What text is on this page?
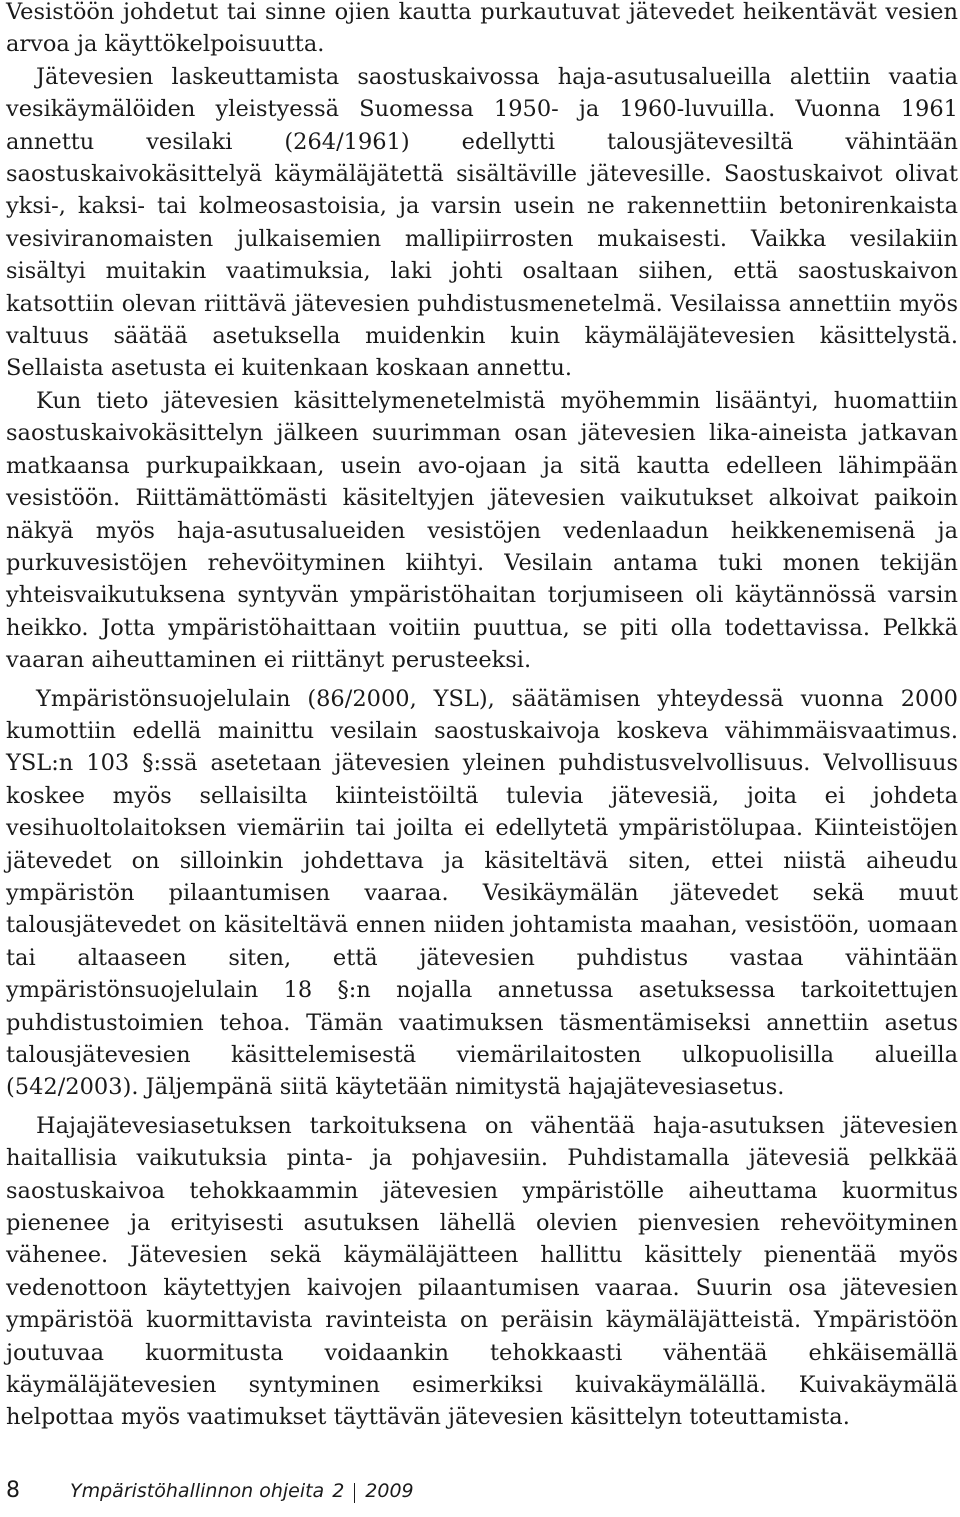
Vesistöön johdetut tai sinne ojien kautta purkautuvat jätevedet heikentävät vesien arvoa ja käyttökelpoisuutta.

Jätevesien laskeuttamista saostuskaivossa haja-asutusalueilla alettiin vaatia vesikäymälöiden yleistyessä Suomessa 1950- ja 1960-luvuilla. Vuonna 1961 annettu vesilaki (264/1961) edellytti talousjätevesiltä vähintään saostuskaivokäsittelyä käymäläjätettä sisältäville jätevesille. Saostuskaivot olivat yksi-, kaksi- tai kolmeosastoisia, ja varsin usein ne rakennettiin betonirenkaista vesiviranomaisten julkaisemien mallipiirrosten mukaisesti. Vaikka vesilakiin sisältyi muitakin vaatimuksia, laki johti osaltaan siihen, että saostuskaivon katsottiin olevan riittävä jätevesien puhdistusmenetelmä. Vesilaissa annettiin myös valtuus säätää asetuksella muidenkin kuin käymäläjätevesien käsittelystä. Sellaista asetusta ei kuitenkaan koskaan annettu.

Kun tieto jätevesien käsittelymenetelmistä myöhemmin lisääntyi, huomattiin saostuskaivokäsittelyn jälkeen suurimman osan jätevesien lika-aineista jatkavan matkaansa purkupaikkaan, usein avo-ojaan ja sitä kautta edelleen lähimpään vesistöön. Riittämättömästi käsiteltyjen jätevesien vaikutukset alkoivat paikoin näkyä myös haja-asutusalueiden vesistöjen vedenlaadun heikkenemisenä ja purkuvesistöjen rehevöityminen kiihtyi. Vesilain antama tuki monen tekijän yhteisvaikutuksena syntyvän ympäristöhaitan torjumiseen oli käytännössä varsin heikko. Jotta ympäristöhaittaan voitiin puuttua, se piti olla todettavissa. Pelkkä vaaran aiheuttaminen ei riittänyt perusteeksi.

Ympäristönsuojelulain (86/2000, YSL), säätämisen yhteydessä vuonna 2000 kumottiin edellä mainittu vesilain saostuskaivoja koskeva vähimmäisvaatimus. YSL:n 103 §:ssä asetetaan jätevesien yleinen puhdistusvelvollisuus. Velvollisuus koskee myös sellaisilta kiinteistöiltä tulevia jätevesiä, joita ei johdeta vesihuoltolaitoksen viemäriin tai joilta ei edellytetä ympäristölupaa. Kiinteistöjen jätevedet on silloinkin johdettava ja käsiteltävä siten, ettei niistä aiheudu ympäristön pilaantumisen vaaraa. Vesikäymälän jätevedet sekä muut talousjätevedet on käsiteltävä ennen niiden johtamista maahan, vesistöön, uomaan tai altaaseen siten, että jätevesien puhdistus vastaa vähintään ympäristönsuojelulain 18 §:n nojalla annetussa asetuksessa tarkoitettujen puhdistustoimien tehoa. Tämän vaatimuksen täsmentämiseksi annettiin asetus talousjätevesien käsittelemisestä viemärilaitosten ulkopuolisilla alueilla (542/2003). Jäljempänä siitä käytetään nimitystä hajajätevesiasetus.

Hajajätevesiasetuksen tarkoituksena on vähentää haja-asutuksen jätevesien haitallisia vaikutuksia pinta- ja pohjavesiin. Puhdistamalla jätevesiä pelkkää saostuskaivoa tehokkaammin jätevesien ympäristölle aiheuttama kuormitus pienenee ja erityisesti asutuksen lähellä olevien pienvesien rehevöityminen vähenee. Jätevesien sekä käymäläjätteen hallittu käsittely pienentää myös vedenottoon käytettyjen kaivojen pilaantumisen vaaraa. Suurin osa jätevesien ympäristöä kuormittavista ravinteista on peräisin käymäläjätteistä. Ympäristöön joutuvaa kuormitusta voidaankin tehokkaasti vähentää ehkäisemällä käymäläjätevesien syntyminen esimerkiksi kuivakäymälällä. Kuivakäymälä helpottaa myös vaatimukset täyttävän jätevesien käsittelyn toteuttamista.

8	Ympäristöhallinnon ohjeita 2 2009
